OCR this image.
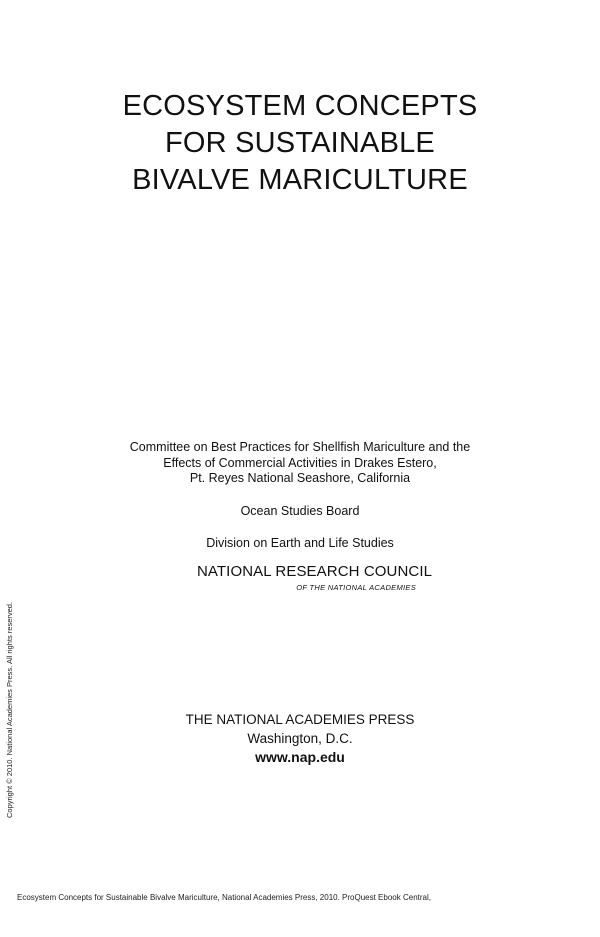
ECOSYSTEM CONCEPTS
FOR SUSTAINABLE
BIVALVE MARICULTURE
Committee on Best Practices for Shellfish Mariculture and the
Effects of Commercial Activities in Drakes Estero,
Pt. Reyes National Seashore, California
Ocean Studies Board
Division on Earth and Life Studies
NATIONAL RESEARCH COUNCIL
OF THE NATIONAL ACADEMIES
THE NATIONAL ACADEMIES PRESS
Washington, D.C.
www.nap.edu
Copyright © 2010. National Academies Press. All rights reserved.
Ecosystem Concepts for Sustainable Bivalve Mariculture, National Academies Press, 2010. ProQuest Ebook Central,
